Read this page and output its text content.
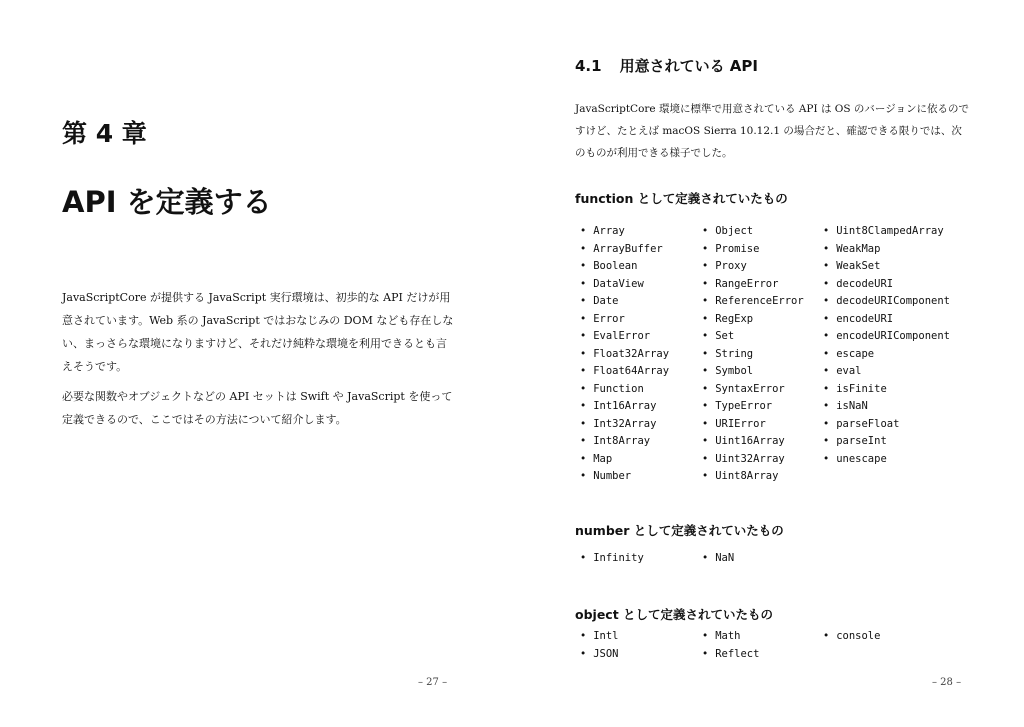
第 4 章
API を定義する

JavaScriptCore が提供する JavaScript 実行環境は、初歩的な API だけが用意されています。Web 系の JavaScript ではおなじみの DOM なども存在しない、まっさらな環境になりますけど、それだけ純粋な環境を利用できるとも言えそうです。

必要な関数やオブジェクトなどの API セットは Swift や JavaScript を使って定義できるので、ここではその方法について紹介します。

– 27 –
4.1 用意されている API

JavaScriptCore 環境に標準で用意されている API は OS のバージョンに依るのですけど、たとえば macOS Sierra 10.12.1 の場合だと、確認できる限りでは、次のものが利用できる様子でした。

function として定義されていたもの
• Array
• ArrayBuffer
• Boolean
• DataView
• Date
• Error
• EvalError
• Float32Array
• Float64Array
• Function
• Int16Array
• Int32Array
• Int8Array
• Map
• Number
• Object
• Promise
• Proxy
• RangeError
• ReferenceError
• RegExp
• Set
• String
• Symbol
• SyntaxError
• TypeError
• URIError
• Uint16Array
• Uint32Array
• Uint8Array
• Uint8ClampedArray
• WeakMap
• WeakSet
• decodeURI
• decodeURIComponent
• encodeURI
• encodeURIComponent
• escape
• eval
• isFinite
• isNaN
• parseFloat
• parseInt
• unescape
number として定義されていたもの
• Infinity
•	NaN
object として定義されていたもの
• Intl
• JSON
• Math
• Reflect
• console
– 28 –
